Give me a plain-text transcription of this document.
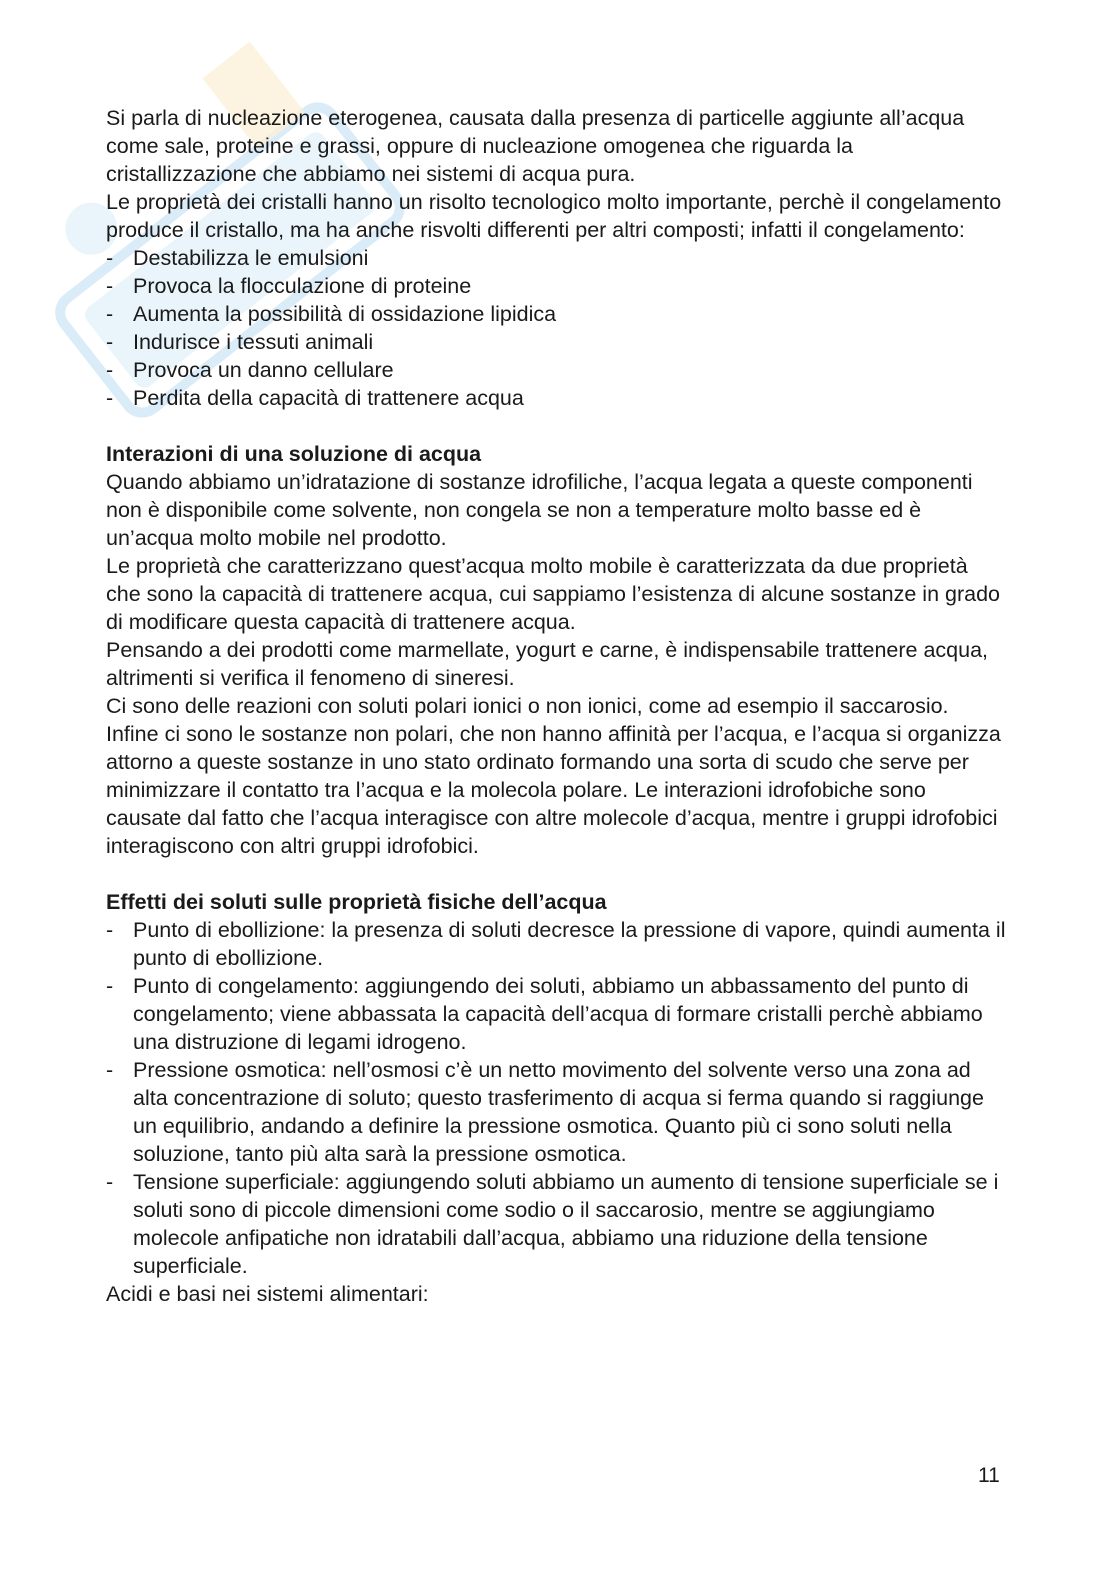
Si parla di nucleazione eterogenea, causata dalla presenza di particelle aggiunte all’acqua come sale, proteine e grassi, oppure di nucleazione omogenea che riguarda la cristallizzazione che abbiamo nei sistemi di acqua pura.

Le proprietà dei cristalli hanno un risolto tecnologico molto importante, perchè il congelamento produce il cristallo, ma ha anche risvolti differenti per altri composti; infatti il congelamento:

- Destabilizza le emulsioni
- Provoca la flocculazione di proteine
- Aumenta la possibilità di ossidazione lipidica
- Indurisce i tessuti animali
- Provoca un danno cellulare
- Perdita della capacità di trattenere acqua
Interazioni di una soluzione di acqua

Quando abbiamo un’idratazione di sostanze idrofiliche, l’acqua legata a queste componenti non è disponibile come solvente, non congela se non a temperature molto basse ed è un’acqua molto mobile nel prodotto.

Le proprietà che caratterizzano quest’acqua molto mobile è caratterizzata da due proprietà che sono la capacità di trattenere acqua, cui sappiamo l’esistenza di alcune sostanze in grado di modificare questa capacità di trattenere acqua.

Pensando a dei prodotti come marmellate, yogurt e carne, è indispensabile trattenere acqua, altrimenti si verifica il fenomeno di sineresi.

Ci sono delle reazioni con soluti polari ionici o non ionici, come ad esempio il saccarosio.

Infine ci sono le sostanze non polari, che non hanno affinità per l’acqua, e l’acqua si organizza attorno a queste sostanze in uno stato ordinato formando una sorta di scudo che serve per minimizzare il contatto tra l’acqua e la molecola polare. Le interazioni idrofobiche sono causate dal fatto che l’acqua interagisce con altre molecole d’acqua, mentre i gruppi idrofobici interagiscono con altri gruppi idrofobici.

Effetti dei soluti sulle proprietà fisiche dell’acqua
- Punto di ebollizione: la presenza di soluti decresce la pressione di vapore, quindi aumenta il punto di ebollizione.
- Punto di congelamento: aggiungendo dei soluti, abbiamo un abbassamento del punto di congelamento; viene abbassata la capacità dell’acqua di formare cristalli perchè abbiamo una distruzione di legami idrogeno.
- Pressione osmotica: nell’osmosi c’è un netto movimento del solvente verso una zona ad alta concentrazione di soluto; questo trasferimento di acqua si ferma quando si raggiunge un equilibrio, andando a definire la pressione osmotica. Quanto più ci sono soluti nella soluzione, tanto più alta sarà la pressione osmotica.
- Tensione superficiale: aggiungendo soluti abbiamo un aumento di tensione superficiale se i soluti sono di piccole dimensioni come sodio o il saccarosio, mentre se aggiungiamo molecole anfipatiche non idratabili dall’acqua, abbiamo una riduzione della tensione superficiale.

Acidi e basi nei sistemi alimentari:

11
